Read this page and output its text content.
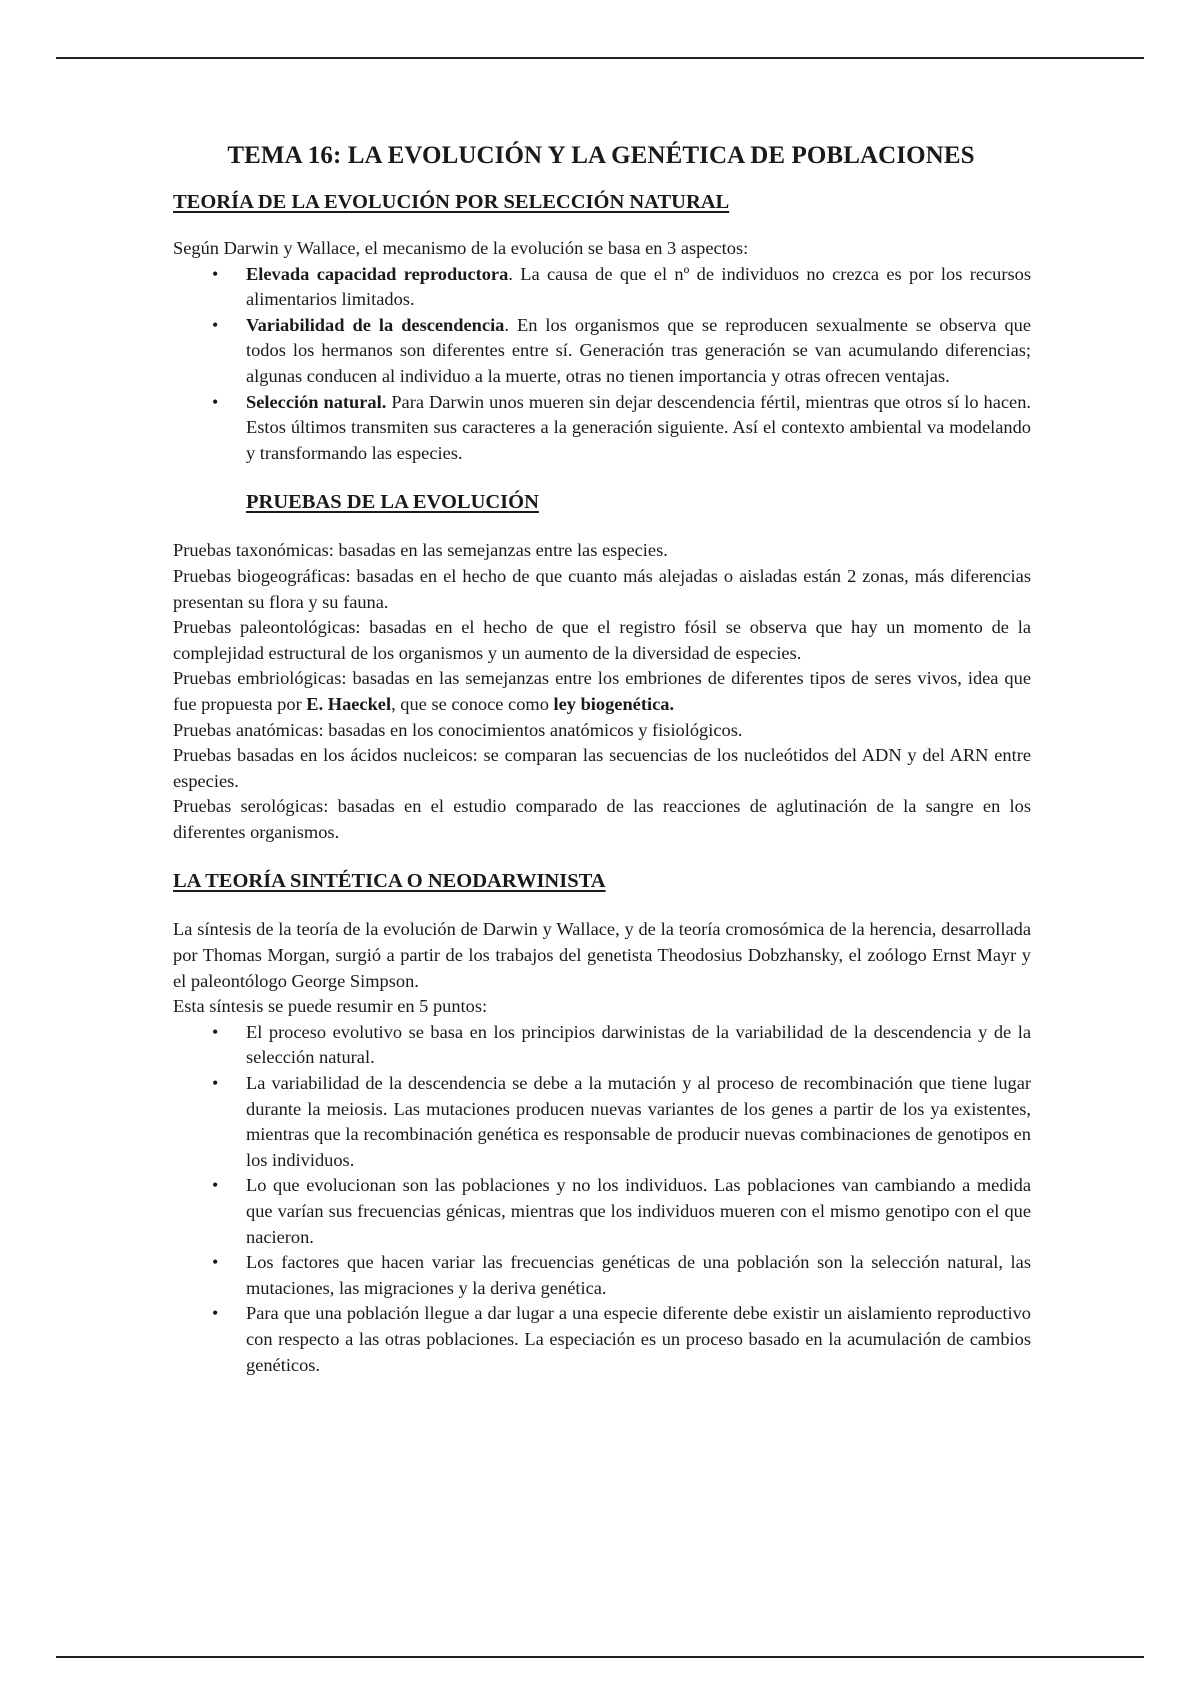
TEMA 16: LA EVOLUCIÓN Y LA GENÉTICA DE POBLACIONES
TEORÍA DE LA EVOLUCIÓN POR SELECCIÓN NATURAL

Según Darwin y Wallace, el mecanismo de la evolución se basa en 3 aspectos:

• Elevada capacidad reproductora. La causa de que el nº de individuos no crezca es por los recursos alimentarios limitados.
• Variabilidad de la descendencia. En los organismos que se reproducen sexualmente se observa que todos los hermanos son diferentes entre sí. Generación tras generación se van acumulando diferencias; algunas conducen al individuo a la muerte, otras no tienen importancia y otras ofrecen ventajas.
• Selección natural. Para Darwin unos mueren sin dejar descendencia fértil, mientras que otros sí lo hacen. Estos últimos transmiten sus caracteres a la generación siguiente. Así el contexto ambiental va modelando y transformando las especies.
PRUEBAS DE LA EVOLUCIÓN

Pruebas taxonómicas: basadas en las semejanzas entre las especies.

Pruebas biogeográficas: basadas en el hecho de que cuanto más alejadas o aisladas están 2 zonas, más diferencias presentan su flora y su fauna.

Pruebas paleontológicas: basadas en el hecho de que el registro fósil se observa que hay un momento de la complejidad estructural de los organismos y un aumento de la diversidad de especies.

Pruebas embriológicas: basadas en las semejanzas entre los embriones de diferentes tipos de seres vivos, idea que fue propuesta por E. Haeckel, que se conoce como ley biogenética.

Pruebas anatómicas: basadas en los conocimientos anatómicos y fisiológicos.

Pruebas basadas en los ácidos nucleicos: se comparan las secuencias de los nucleótidos del ADN y del ARN entre especies.

Pruebas serológicas: basadas en el estudio comparado de las reacciones de aglutinación de la sangre en los diferentes organismos.

LA TEORÍA SINTÉTICA O NEODARWINISTA

La síntesis de la teoría de la evolución de Darwin y Wallace, y de la teoría cromosómica de la herencia, desarrollada por Thomas Morgan, surgió a partir de los trabajos del genetista Theodosius Dobzhansky, el zoólogo Ernst Mayr y el paleontólogo George Simpson.

Esta síntesis se puede resumir en 5 puntos:

• El proceso evolutivo se basa en los principios darwinistas de la variabilidad de la descendencia y de la selección natural.
• La variabilidad de la descendencia se debe a la mutación y al proceso de recombinación que tiene lugar durante la meiosis. Las mutaciones producen nuevas variantes de los genes a partir de los ya existentes, mientras que la recombinación genética es responsable de producir nuevas combinaciones de genotipos en los individuos.
• Lo que evolucionan son las poblaciones y no los individuos. Las poblaciones van cambiando a medida que varían sus frecuencias génicas, mientras que los individuos mueren con el mismo genotipo con el que nacieron.
• Los factores que hacen variar las frecuencias genéticas de una población son la selección natural, las mutaciones, las migraciones y la deriva genética.
• Para que una población llegue a dar lugar a una especie diferente debe existir un aislamiento reproductivo con respecto a las otras poblaciones. La especiación es un proceso basado en la acumulación de cambios genéticos.
